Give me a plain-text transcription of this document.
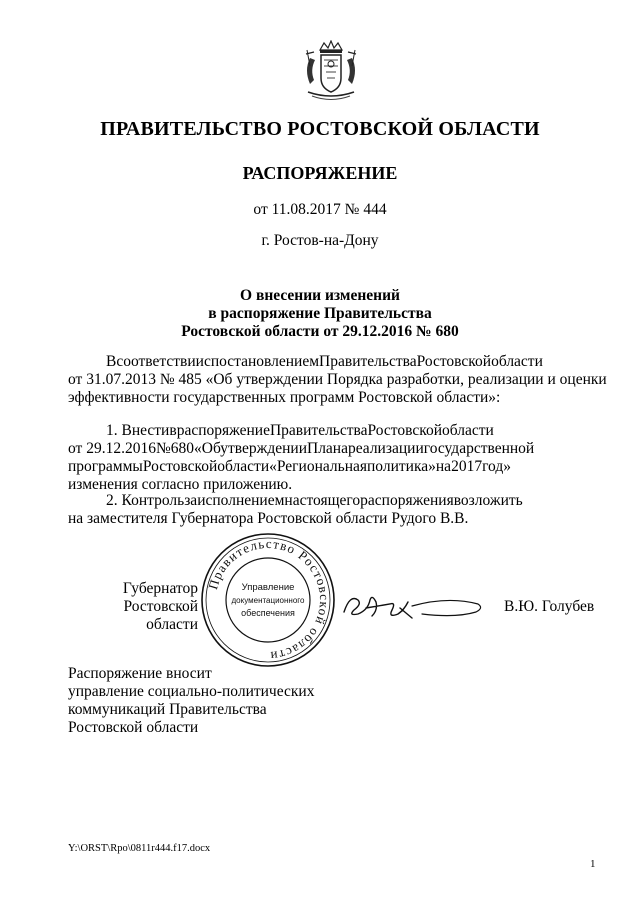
ПРАВИТЕЛЬСТВО РОСТОВСКОЙ ОБЛАСТИ
РАСПОРЯЖЕНИЕ
от 11.08.2017 № 444
г. Ростов-на-Дону
О внесении изменений
в распоряжение Правительства
Ростовской области от 29.12.2016 № 680
ВсоответствииспостановлениемПравительстваРостовскойобласти
от 31.07.2013 № 485 «Об утверждении Порядка разработки, реализации и оценки
эффективности государственных программ Ростовской области»:
1. ВнестивраспоряжениеПравительстваРостовскойобласти
от 29.12.2016№680«ОбутвержденииПланареализациигосударственной
программыРостовскойобласти«Региональнаяполитика»на2017год»
изменения согласно приложению.
2. Контрользаисполнениемнастоящегораспоряжениявозложить
на заместителя Губернатора Ростовской области Рудого В.В.
Губернатор
Ростовской области
Правительство Ростовской области
Управление
документационного
обеспечения	В.Ю. Голубев
Распоряжение вносит
управление социально-политических
коммуникаций Правительства
Ростовской области
Y:\ORST\Rpo\0811r444.f17.docx
1
